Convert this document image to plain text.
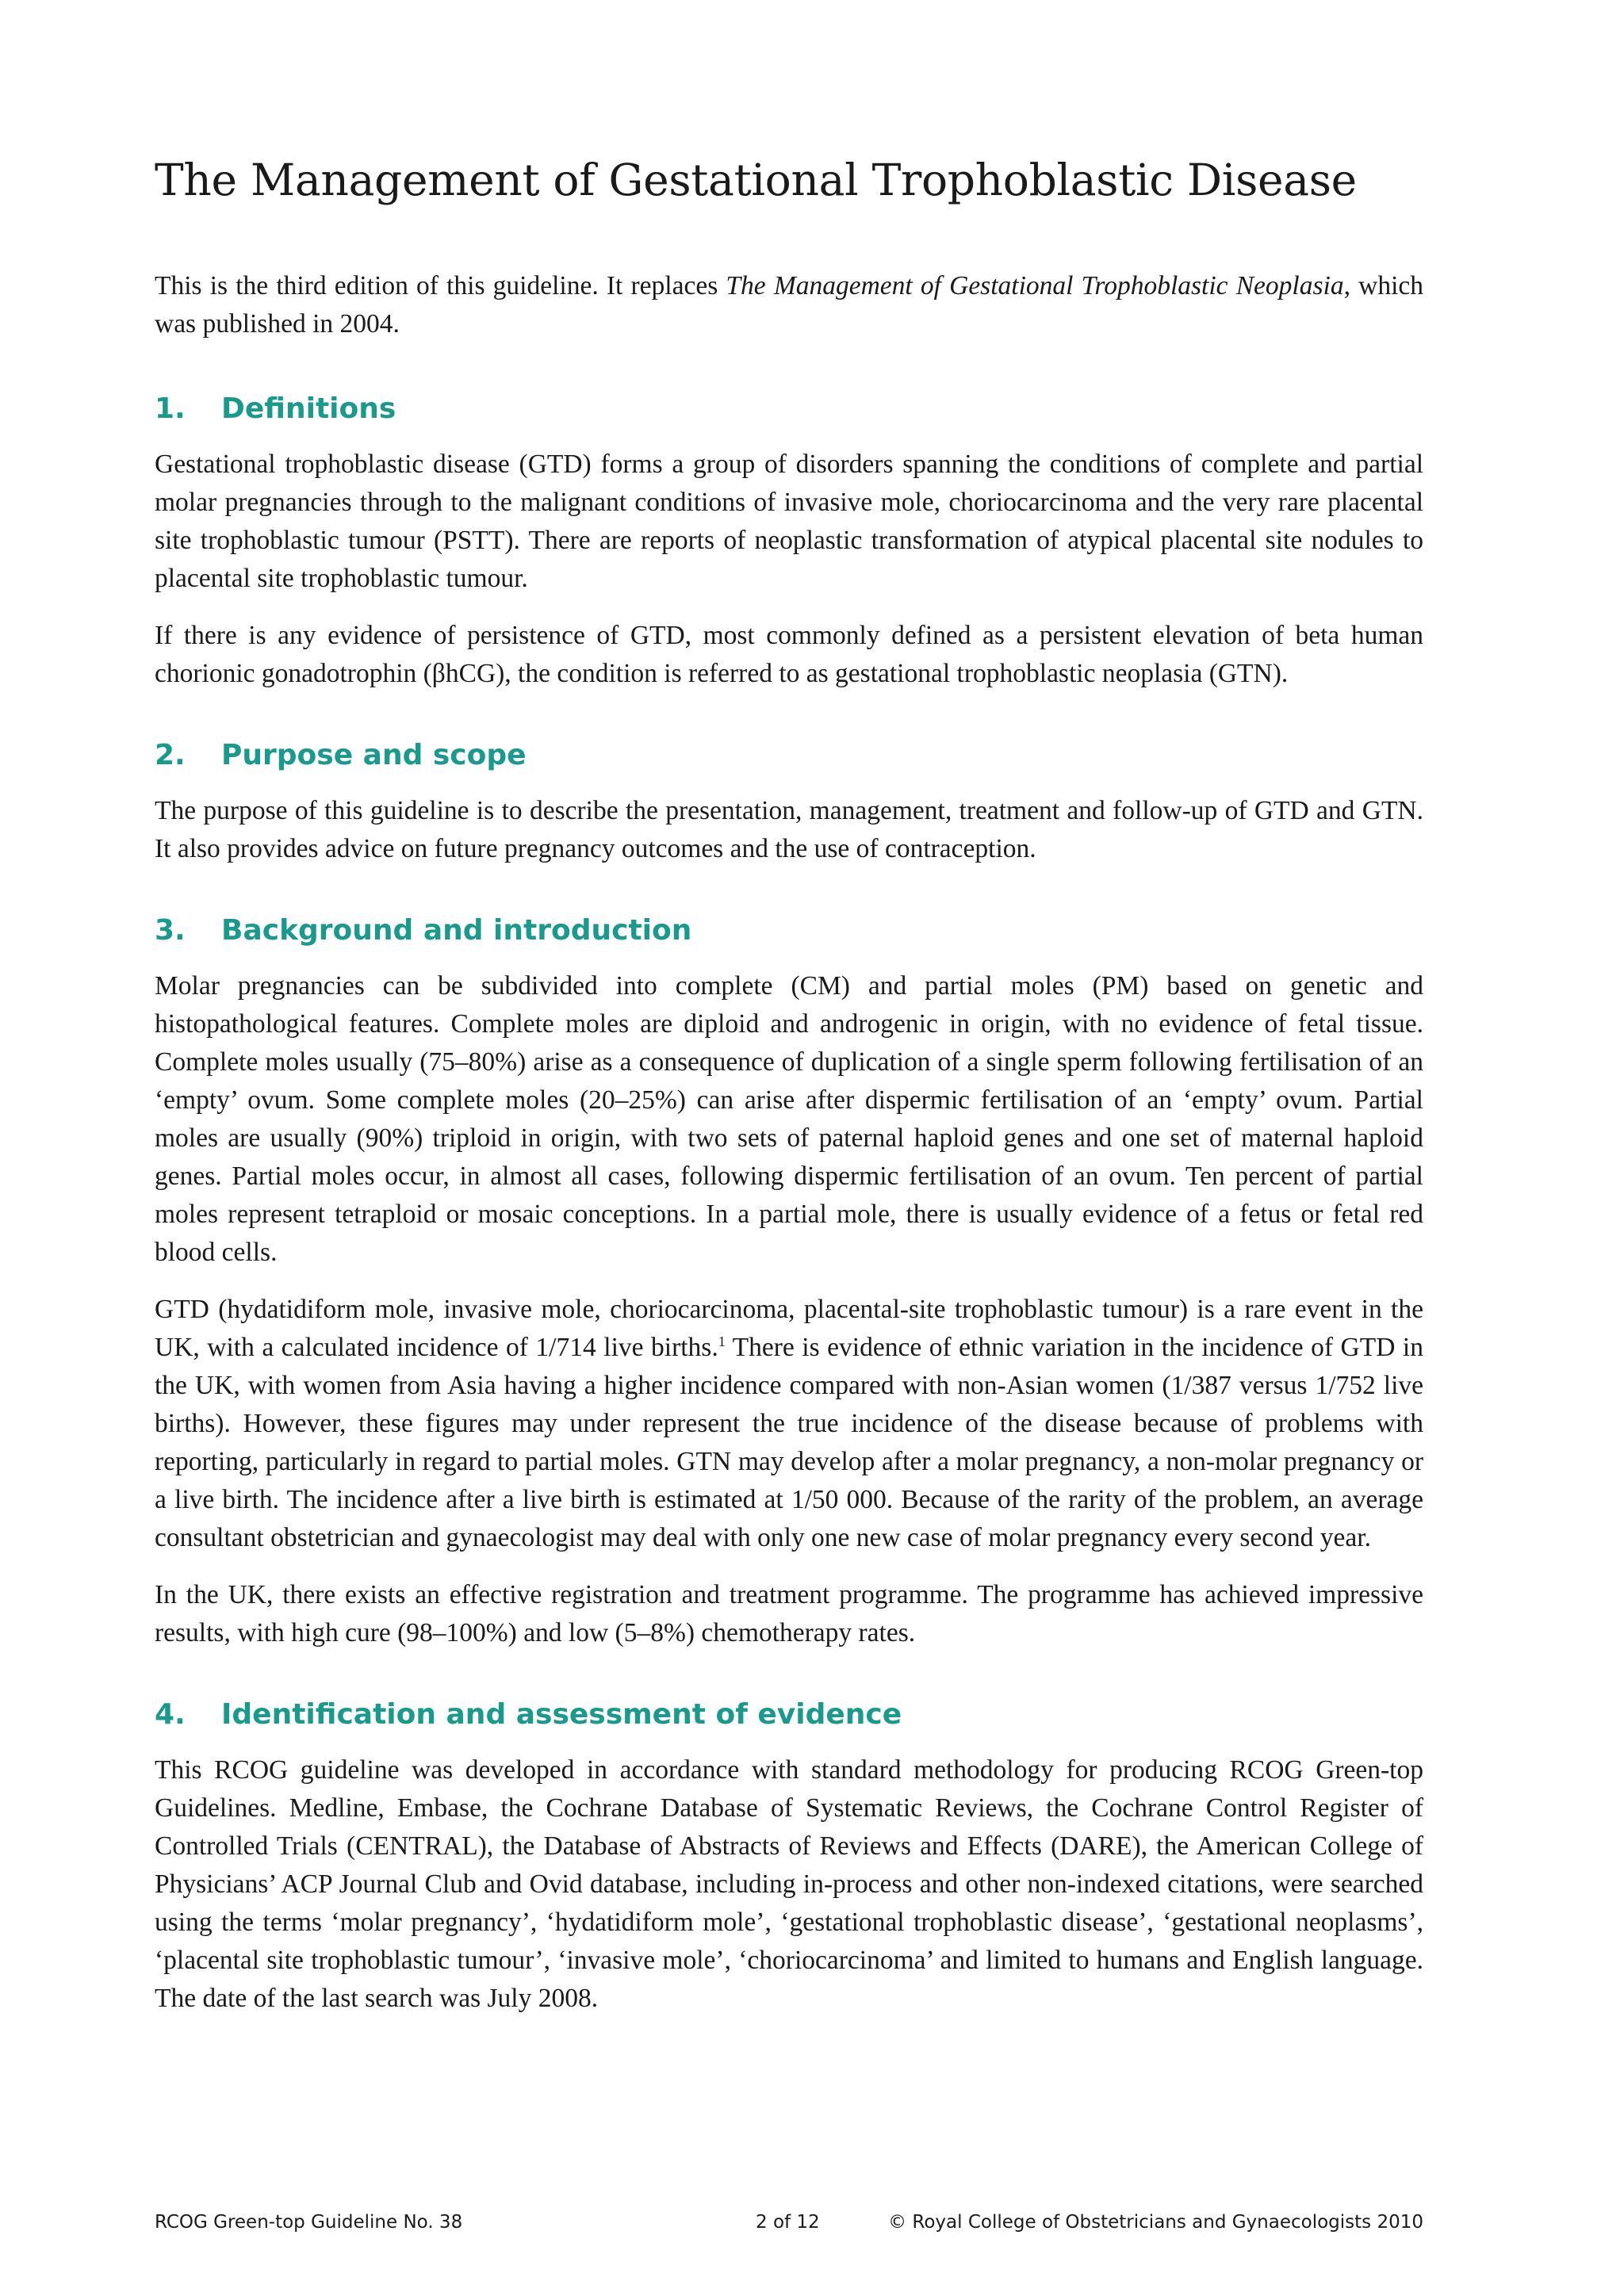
The Management of Gestational Trophoblastic Disease

This is the third edition of this guideline. It replaces The Management of Gestational Trophoblastic Neoplasia, which was published in 2004.

1.	Definitions

Gestational trophoblastic disease (GTD) forms a group of disorders spanning the conditions of complete and partial molar pregnancies through to the malignant conditions of invasive mole, choriocarcinoma and the very rare placental site trophoblastic tumour (PSTT). There are reports of neoplastic transformation of atypical placental site nodules to placental site trophoblastic tumour.

If there is any evidence of persistence of GTD, most commonly defined as a persistent elevation of beta human chorionic gonadotrophin (βhCG), the condition is referred to as gestational trophoblastic neoplasia (GTN).

2.	Purpose and scope

The purpose of this guideline is to describe the presentation, management, treatment and follow-up of GTD and GTN. It also provides advice on future pregnancy outcomes and the use of contraception.

3.	Background and introduction

Molar pregnancies can be subdivided into complete (CM) and partial moles (PM) based on genetic and histopathological features. Complete moles are diploid and androgenic in origin, with no evidence of fetal tissue. Complete moles usually (75–80%) arise as a consequence of duplication of a single sperm following fertilisation of an ‘empty’ ovum. Some complete moles (20–25%) can arise after dispermic fertilisation of an ‘empty’ ovum. Partial moles are usually (90%) triploid in origin, with two sets of paternal haploid genes and one set of maternal haploid genes. Partial moles occur, in almost all cases, following dispermic fertilisation of an ovum. Ten percent of partial moles represent tetraploid or mosaic conceptions. In a partial mole, there is usually evidence of a fetus or fetal red blood cells.

GTD (hydatidiform mole, invasive mole, choriocarcinoma, placental-site trophoblastic tumour) is a rare event in the UK, with a calculated incidence of 1/714 live births.$^1$ There is evidence of ethnic variation in the incidence of GTD in the UK, with women from Asia having a higher incidence compared with non-Asian women (1/387 versus 1/752 live births). However, these figures may under represent the true incidence of the disease because of problems with reporting, particularly in regard to partial moles. GTN may develop after a molar pregnancy, a non-molar pregnancy or a live birth. The incidence after a live birth is estimated at 1/50 000. Because of the rarity of the problem, an average consultant obstetrician and gynaecologist may deal with only one new case of molar pregnancy every second year.

In the UK, there exists an effective registration and treatment programme. The programme has achieved impressive results, with high cure (98–100%) and low (5–8%) chemotherapy rates.

4.	Identification and assessment of evidence

This RCOG guideline was developed in accordance with standard methodology for producing RCOG Green-top Guidelines. Medline, Embase, the Cochrane Database of Systematic Reviews, the Cochrane Control Register of Controlled Trials (CENTRAL), the Database of Abstracts of Reviews and Effects (DARE), the American College of Physicians’ ACP Journal Club and Ovid database, including in-process and other non-indexed citations, were searched using the terms ‘molar pregnancy’, ‘hydatidiform mole’, ‘gestational trophoblastic disease’, ‘gestational neoplasms’, ‘placental site trophoblastic tumour’, ‘invasive mole’, ‘choriocarcinoma’ and limited to humans and English language. The date of the last search was July 2008.

RCOG Green-top Guideline No. 38	2 of 12	© Royal College of Obstetricians and Gynaecologists 2010
